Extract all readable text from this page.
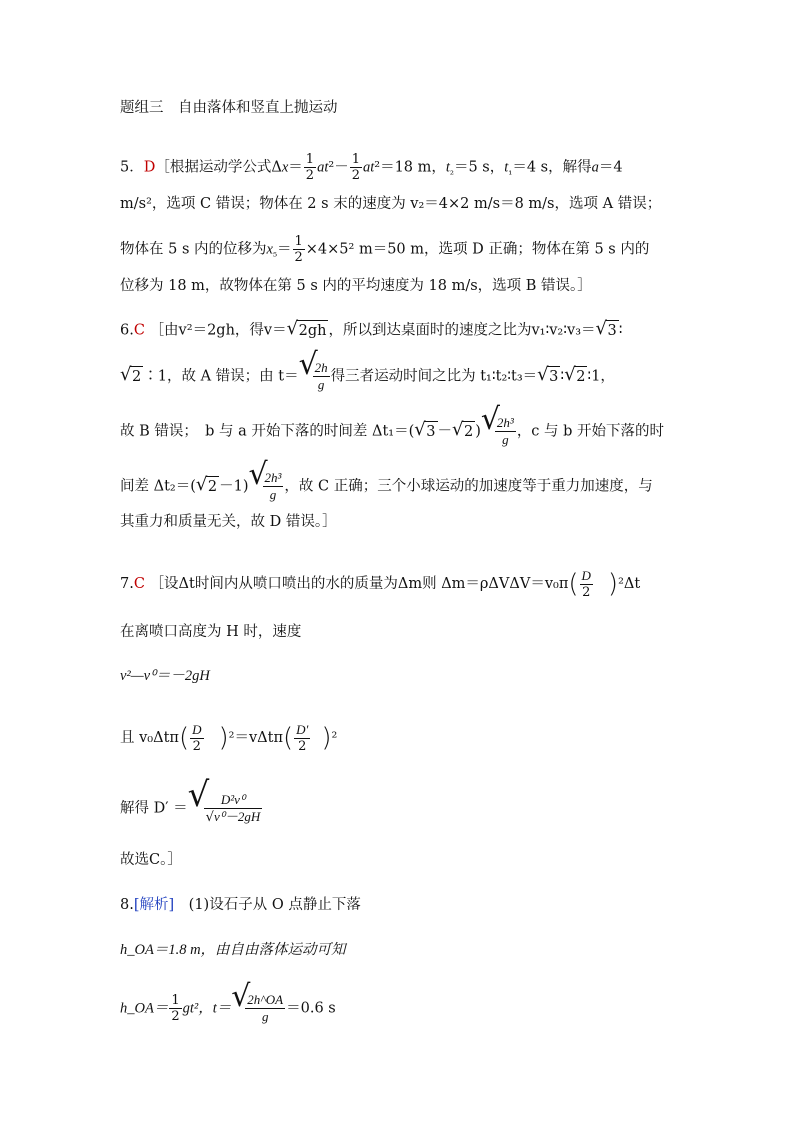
题组三　自由落体和竖直上抛运动
5．D［根据运动学公式$\Delta x= \frac{1}{2} at^2- \frac{1}{2} at^2=18$ m，$t_{_2}=5$ s，$t_{_1}=4$ s，解得a＝4
m/s²，选项 C 错误；物体在 2 s 末的速度为 v₂＝4×2 m/s＝8 m/s，选项 A 错误；
物体在 5 s 内的位移为$x_{_5}= \frac{1}{2} \times 4\times 5^2$ m＝50 m，选项 D 正确；物体在第 5 s 内的
位移为 18 m，故物体在第 5 s 内的平均速度为 18 m/s，选项 B 错误。］
6.C ［由v²＝2gh，得v＝ √ 2gh ，所以到达桌面时的速度之比为v₁∶v₂∶v₃＝ √ 3 ∶
√ 2 ∶1，故 A 错误；由 t＝ √
$\frac{2h}{g}$ 得三者运动时间之比为 t₁∶t₂∶t₃＝ √ 3 ∶ √ 2 ∶1，
故 B 错误；　b 与 a 开始下落的时间差 Δt₁＝( √ 3 － √ 2 ) √
$\frac{\text{2h³}}{g}$ ，c 与 b 开始下落的时
间差 Δt₂＝( √ 2 －1) √
$\frac{\text{2h³}}{g}$ ，故 C 正确；三个小球运动的加速度等于重力加速度，与
其重力和质量无关，故 D 错误。］
7.C ［设Δt时间内从喷口喷出的水的质量为Δm则 $\Delta m=\rho\Delta V\Delta V=v_0\pi( \frac{D}{2} )^2\Delta t$
在离喷口高度为 H 时，速度
v²—v⁰＝－2gH
且 $v_0\Delta t\pi( \frac{D}{2} )^2=v\Delta t\pi( \frac{D'}{2} )^2$
解得 D′ ＝ √
$\frac{\text{D²v⁰}}{\text{√v⁰－2gH}}$
故选C。］
8.[解析]　(1)设石子从 O 点静止下落
h_OA＝1.8 m，由自由落体运动可知
h_OA＝ $\frac{1}{2} gt^2$，t＝ √
$\frac{2h\^{}OA}{g} =0.6$ s
